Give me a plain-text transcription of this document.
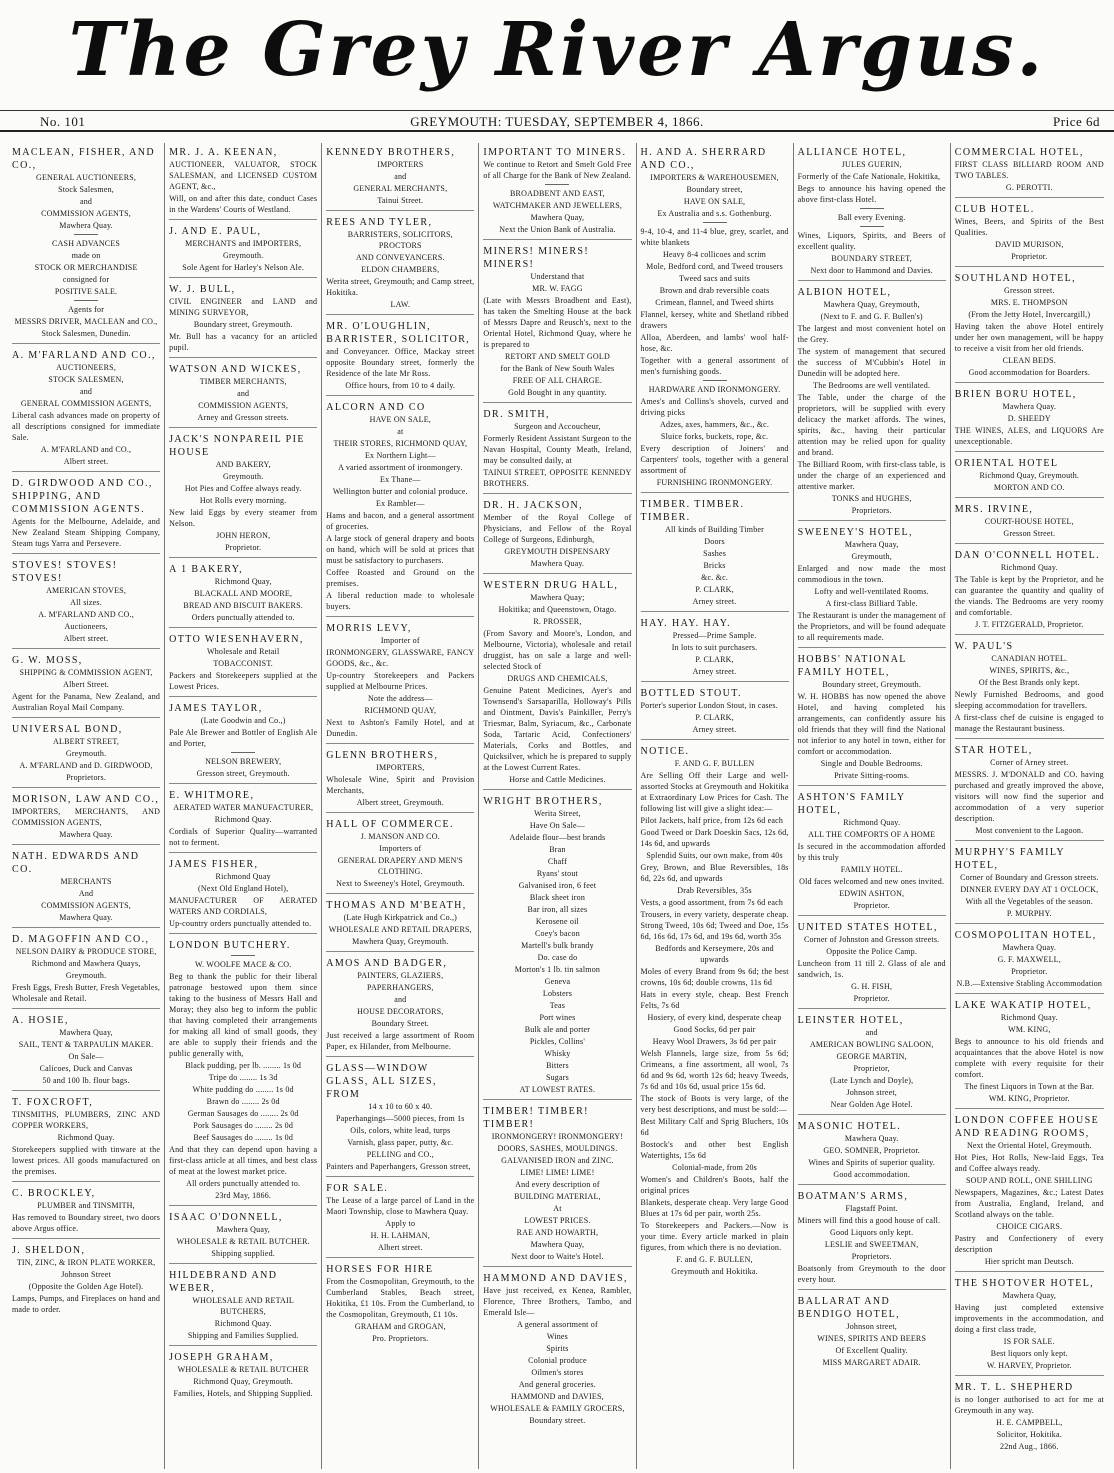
The Grey River Argus.
No. 101	GREYMOUTH: TUESDAY, SEPTEMBER 4, 1866.	Price 6d
MACLEAN, FISHER, AND CO.,
GENERAL AUCTIONEERS,
Stock Salesmen,
and
COMMISSION AGENTS,
Mawhera Quay.
CASH ADVANCES
made on
STOCK OR MERCHANDISE
consigned for
POSITIVE SALE.
Agents for
MESSRS DRIVER, MACLEAN and CO.,
Stock Salesmen, Dunedin.
A. M'FARLAND AND CO.,
AUCTIONEERS,
STOCK SALESMEN,
and
GENERAL COMMISSION AGENTS,
Liberal cash advances made on property of all descriptions consigned for immediate Sale.
A. M'FARLAND and CO.,
Albert street.
D. GIRDWOOD AND CO., SHIPPING, AND COMMISSION AGENTS.
Agents for the Melbourne, Adelaide, and New Zealand Steam Shipping Company, Steam tugs Yarra and Persevere.
STOVES! STOVES! STOVES!
AMERICAN STOVES,
All sizes.
A. M'FARLAND AND CO.,
Auctioneers,
Albert street.
G. W. MOSS,
SHIPPING & COMMISSION AGENT,
Albert Street.
Agent for the Panama, New Zealand, and Australian Royal Mail Company.
UNIVERSAL BOND,
ALBERT STREET,
Greymouth.
A. M'FARLAND and D. GIRDWOOD,
Proprietors.
MORISON, LAW AND CO.,
IMPORTERS, MERCHANTS, AND COMMISSION AGENTS,
Mawhera Quay.
NATH. EDWARDS AND CO.
MERCHANTS
And
COMMISSION AGENTS,
Mawhera Quay.
D. MAGOFFIN AND CO.,
NELSON DAIRY & PRODUCE STORE,
Richmond and Mawhera Quays,
Greymouth.
Fresh Eggs, Fresh Butter, Fresh Vegetables, Wholesale and Retail.
A. HOSIE,
Mawhera Quay,
SAIL, TENT & TARPAULIN MAKER.
On Sale—
Calicoes, Duck and Canvas
50 and 100 lb. flour bags.
T. FOXCROFT,
TINSMITHS, PLUMBERS, ZINC AND COPPER WORKERS,
Richmond Quay.
Storekeepers supplied with tinware at the lowest prices. All goods manufactured on the premises.
C. BROCKLEY,
PLUMBER and TINSMITH,
Has removed to Boundary street, two doors above Argus office.
J. SHELDON,
TIN, ZINC, & IRON PLATE WORKER,
Johnson Street
(Opposite the Golden Age Hotel).
Lamps, Pumps, and Fireplaces on hand and made to order.
MR. J. A. KEENAN,
AUCTIONEER, VALUATOR, STOCK SALESMAN, and LICENSED CUSTOM AGENT, &c.,
Will, on and after this date, conduct Cases in the Wardens' Courts of Westland.
J. AND E. PAUL,
MERCHANTS and IMPORTERS,
Greymouth.
Sole Agent for Harley's Nelson Ale.
W. J. BULL,
CIVIL ENGINEER and LAND and MINING SURVEYOR,
Boundary street, Greymouth.
Mr. Bull has a vacancy for an articled pupil.
WATSON AND WICKES,
TIMBER MERCHANTS,
and
COMMISSION AGENTS,
Arney and Gresson streets.
JACK'S NONPAREIL PIE HOUSE
AND BAKERY,
Greymouth.
Hot Pies and Coffee always ready.
Hot Rolls every morning.
New laid Eggs by every steamer from Nelson.
JOHN HERON,
Proprietor.
A 1 BAKERY,
Richmond Quay,
BLACKALL AND MOORE,
BREAD AND BISCUIT BAKERS.
Orders punctually attended to.
OTTO WIESENHAVERN,
Wholesale and Retail
TOBACCONIST.
Packers and Storekeepers supplied at the Lowest Prices.
JAMES TAYLOR,
(Late Goodwin and Co.,)
Pale Ale Brewer and Bottler of English Ale and Porter,
NELSON BREWERY,
Gresson street, Greymouth.
E. WHITMORE,
AERATED WATER MANUFACTURER,
Richmond Quay.
Cordials of Superior Quality—warranted not to ferment.
JAMES FISHER,
Richmond Quay
(Next Old England Hotel),
MANUFACTURER OF AERATED WATERS AND CORDIALS,
Up-country orders punctually attended to.
LONDON BUTCHERY.
W. WOOLFE MACE & CO.
Beg to thank the public for their liberal patronage bestowed upon them since taking to the business of Messrs Hall and Moray; they also beg to inform the public that having completed their arrangements for making all kind of small goods, they are able to supply their friends and the public generally with,
Black pudding, per lb. ........ 1s 0d
Tripe do ........ 1s 3d
White pudding do ........ 1s 0d
Brawn do ........ 2s 0d
German Sausages do ........ 2s 0d
Pork Sausages do ........ 2s 0d
Beef Sausages do ........ 1s 0d
And that they can depend upon having a first-class article at all times, and best class of meat at the lowest market price.
All orders punctually attended to.
23rd May, 1866.
ISAAC O'DONNELL,
Mawhera Quay,
WHOLESALE & RETAIL BUTCHER.
Shipping supplied.
HILDEBRAND AND WEBER,
WHOLESALE AND RETAIL BUTCHERS,
Richmond Quay.
Shipping and Families Supplied.
JOSEPH GRAHAM,
WHOLESALE & RETAIL BUTCHER
Richmond Quay, Greymouth.
Families, Hotels, and Shipping Supplied.
KENNEDY BROTHERS,
IMPORTERS
and
GENERAL MERCHANTS,
Tainui Street.
REES AND TYLER,
BARRISTERS, SOLICITORS, PROCTORS
AND CONVEYANCERS.
ELDON CHAMBERS,
Werita street, Greymouth; and Camp street, Hokitika.
LAW.
MR. O'LOUGHLIN, BARRISTER, SOLICITOR,
and Conveyancer. Office, Mackay street opposite Boundary street, formerly the Residence of the late Mr Ross.
Office hours, from 10 to 4 daily.
ALCORN AND CO
HAVE ON SALE,
at
THEIR STORES, RICHMOND QUAY,
Ex Northern Light—
A varied assortment of ironmongery.
Ex Thane—
Wellington butter and colonial produce.
Ex Rambler—
Hams and bacon, and a general assortment of groceries.
A large stock of general drapery and boots on hand, which will be sold at prices that must be satisfactory to purchasers.
Coffee Roasted and Ground on the premises.
A liberal reduction made to wholesale buyers.
MORRIS LEVY,
Importer of
IRONMONGERY, GLASSWARE, FANCY GOODS, &c., &c.
Up-country Storekeepers and Packers supplied at Melbourne Prices.
Note the address—
RICHMOND QUAY,
Next to Ashton's Family Hotel, and at Dunedin.
GLENN BROTHERS,
IMPORTERS,
Wholesale Wine, Spirit and Provision Merchants,
Albert street, Greymouth.
HALL OF COMMERCE.
J. MANSON AND CO.
Importers of
GENERAL DRAPERY AND MEN'S CLOTHING.
Next to Sweeney's Hotel, Greymouth.
THOMAS AND M'BEATH,
(Late Hugh Kirkpatrick and Co.,)
WHOLESALE AND RETAIL DRAPERS,
Mawhera Quay, Greymouth.
AMOS AND BADGER,
PAINTERS, GLAZIERS,
PAPERHANGERS,
and
HOUSE DECORATORS,
Boundary Street.
Just received a large assortment of Room Paper, ex Hilander, from Melbourne.
GLASS—WINDOW GLASS, ALL SIZES, FROM
14 x 10 to 60 x 40.
Paperhangings—5000 pieces, from 1s
Oils, colors, white lead, turps
Varnish, glass paper, putty, &c.
PELLING and CO.,
Painters and Paperhangers, Gresson street,
FOR SALE.
The Lease of a large parcel of Land in the Maori Township, close to Mawhera Quay.
Apply to
H. H. LAHMAN,
Albert street.
HORSES FOR HIRE
From the Cosmopolitan, Greymouth, to the Cumberland Stables, Beach street, Hokitika, £1 10s. From the Cumberland, to the Cosmopolitan, Greymouth, £1 10s.
GRAHAM and GROGAN,
Pro. Proprietors.
IMPORTANT TO MINERS.
We continue to Retort and Smelt Gold Free of all Charge for the Bank of New Zealand.
BROADBENT AND EAST,
WATCHMAKER AND JEWELLERS,
Mawhera Quay,
Next the Union Bank of Australia.
MINERS! MINERS! MINERS!
Understand that
MR. W. FAGG
(Late with Messrs Broadbent and East), has taken the Smelting House at the back of Messrs Dapre and Reusch's, next to the Oriental Hotel, Richmond Quay, where he is prepared to
RETORT AND SMELT GOLD
for the Bank of New South Wales
FREE OF ALL CHARGE.
Gold Bought in any quantity.
DR. SMITH,
Surgeon and Accoucheur,
Formerly Resident Assistant Surgeon to the Navan Hospital, County Meath, Ireland, may be consulted daily, at
TAINUI STREET, OPPOSITE KENNEDY BROTHERS.
DR. H. JACKSON,
Member of the Royal College of Physicians, and Fellow of the Royal College of Surgeons, Edinburgh,
GREYMOUTH DISPENSARY
Mawhera Quay.
WESTERN DRUG HALL,
Mawhera Quay;
Hokitika; and Queenstown, Otago.
R. PROSSER,
(From Savory and Moore's, London, and Melbourne, Victoria), wholesale and retail druggist, has on sale a large and well-selected Stock of
DRUGS AND CHEMICALS,
Genuine Patent Medicines, Ayer's and Townsend's Sarsaparilla, Holloway's Pills and Ointment, Davis's Painkiller, Perry's Triesmar, Balm, Syriacum, &c., Carbonate Soda, Tartaric Acid, Confectioners' Materials, Corks and Bottles, and Quicksilver, which he is prepared to supply at the Lowest Current Rates.
Horse and Cattle Medicines.
WRIGHT BROTHERS,
Werita Street,
Have On Sale—
Adelaide flour—best brands
Bran
Chaff
Ryans' stout
Galvanised iron, 6 feet
Black sheet iron
Bar iron, all sizes
Kerosene oil
Coey's bacon
Martell's bulk brandy
Do. case do
Morton's 1 lb. tin salmon
Geneva
Lobsters
Teas
Port wines
Bulk ale and porter
Pickles, Collins'
Whisky
Bitters
Sugars
AT LOWEST RATES.
TIMBER! TIMBER! TIMBER!
IRONMONGERY! IRONMONGERY!
DOORS, SASHES, MOULDINGS.
GALVANISED IRON and ZINC.
LIME! LIME! LIME!
And every description of
BUILDING MATERIAL,
At
LOWEST PRICES.
RAE AND HOWARTH,
Mawhera Quay,
Next door to Waite's Hotel.
HAMMOND AND DAVIES,
Have just received, ex Kenea, Rambler, Florence, Three Brothers, Tambo, and Emerald Isle—
A general assortment of
Wines
Spirits
Colonial produce
Oilmen's stores
And general groceries.
HAMMOND and DAVIES,
WHOLESALE & FAMILY GROCERS,
Boundary street.
H. AND A. SHERRARD AND CO.,
IMPORTERS & WAREHOUSEMEN,
Boundary street,
HAVE ON SALE,
Ex Australia and s.s. Gothenburg.
9-4, 10-4, and 11-4 blue, grey, scarlet, and white blankets
Heavy 8-4 collicoes and scrim
Mole, Bedford cord, and Tweed trousers
Tweed sacs and suits
Brown and drab reversible coats
Crimean, flannel, and Tweed shirts
Flannel, kersey, white and Shetland ribbed drawers
Alloa, Aberdeen, and lambs' wool half-hose, &c.
Together with a general assortment of men's furnishing goods.
HARDWARE AND IRONMONGERY.
Ames's and Collins's shovels, curved and driving picks
Adzes, axes, hammers, &c., &c.
Sluice forks, buckets, rope, &c.
Every description of Joiners' and Carpenters' tools, together with a general assortment of
FURNISHING IRONMONGERY.
TIMBER. TIMBER. TIMBER.
All kinds of Building Timber
Doors
Sashes
Bricks
&c. &c.
P. CLARK,
Arney street.
HAY. HAY. HAY.
Pressed—Prime Sample.
In lots to suit purchasers.
P. CLARK,
Arney street.
BOTTLED STOUT.
Porter's superior London Stout, in cases.
P. CLARK,
Arney street.
NOTICE.
F. AND G. F. BULLEN
Are Selling Off their Large and well-assorted Stocks at Greymouth and Hokitika at Extraordinary Low Prices for Cash. The following list will give a slight idea:—
Pilot Jackets, half price, from 12s 6d each
Good Tweed or Dark Doeskin Sacs, 12s 6d, 14s 6d, and upwards
Splendid Suits, our own make, from 40s
Grey, Brown, and Blue Reversibles, 18s 6d, 22s 6d, and upwards
Drab Reversibles, 35s
Vests, a good assortment, from 7s 6d each
Trousers, in every variety, desperate cheap. Strong Tweed, 10s 6d; Tweed and Doe, 15s 6d, 16s 6d, 17s 6d, and 19s 6d, worth 35s
Bedfords and Kerseymere, 20s and upwards
Moles of every Brand from 9s 6d; the best crowns, 10s 6d; double crowns, 11s 6d
Hats in every style, cheap. Best French Felts, 7s 6d
Hosiery, of every kind, desperate cheap
Good Socks, 6d per pair
Heavy Wool Drawers, 3s 6d per pair
Welsh Flannels, large size, from 5s 6d; Crimeans, a fine assortment, all wool, 7s 6d and 9s 6d, worth 12s 6d; heavy Tweeds, 7s 6d and 10s 6d, usual price 15s 6d.
The stock of Boots is very large, of the very best descriptions, and must be sold:—
Best Military Calf and Sprig Bluchers, 10s 6d
Bostock's and other best English Watertights, 15s 6d
Colonial-made, from 20s
Women's and Children's Boots, half the original prices
Blankets, desperate cheap. Very large Good Blues at 17s 6d per pair, worth 25s.
To Storekeepers and Packers.—Now is your time. Every article marked in plain figures, from which there is no deviation.
F. and G. F. BULLEN,
Greymouth and Hokitika.
ALLIANCE HOTEL,
JULES GUERIN,
Formerly of the Cafe Nationale, Hokitika,
Begs to announce his having opened the above first-class Hotel.
Ball every Evening.
Wines, Liquors, Spirits, and Beers of excellent quality.
BOUNDARY STREET,
Next door to Hammond and Davies.
ALBION HOTEL,
Mawhera Quay, Greymouth,
(Next to F. and G. F. Bullen's)
The largest and most convenient hotel on the Grey.
The system of management that secured the success of M'Cubbin's Hotel in Dunedin will be adopted here.
The Bedrooms are well ventilated.
The Table, under the charge of the proprietors, will be supplied with every delicacy the market affords. The wines, spirits, &c., having their particular attention may be relied upon for quality and brand.
The Billiard Room, with first-class table, is under the charge of an experienced and attentive marker.
TONKS and HUGHES,
Proprietors.
SWEENEY'S HOTEL,
Mawhera Quay,
Greymouth,
Enlarged and now made the most commodious in the town.
Lofty and well-ventilated Rooms.
A first-class Billiard Table.
The Restaurant is under the management of the Proprietors, and will be found adequate to all requirements made.
HOBBS' NATIONAL FAMILY HOTEL,
Boundary street, Greymouth.
W. H. HOBBS has now opened the above Hotel, and having completed his arrangements, can confidently assure his old friends that they will find the National not inferior to any hotel in town, either for comfort or accommodation.
Single and Double Bedrooms.
Private Sitting-rooms.
ASHTON'S FAMILY HOTEL,
Richmond Quay.
ALL THE COMFORTS OF A HOME
Is secured in the accommodation afforded by this truly
FAMILY HOTEL.
Old faces welcomed and new ones invited.
EDWIN ASHTON,
Proprietor.
UNITED STATES HOTEL,
Corner of Johnston and Gresson streets.
Opposite the Police Camp.
Luncheon from 11 till 2. Glass of ale and sandwich, 1s.
G. H. FISH,
Proprietor.
LEINSTER HOTEL,
and
AMERICAN BOWLING SALOON,
GEORGE MARTIN,
Proprietor,
(Late Lynch and Doyle),
Johnson street,
Near Golden Age Hotel.
MASONIC HOTEL.
Mawhera Quay.
GEO. SOMNER, Proprietor.
Wines and Spirits of superior quality.
Good accommodation.
BOATMAN'S ARMS,
Flagstaff Point.
Miners will find this a good house of call.
Good Liquors only kept.
LESLIE and SWEETMAN,
Proprietors.
Boatsonly from Greymouth to the door every hour.
BALLARAT AND BENDIGO HOTEL,
Johnson street,
WINES, SPIRITS AND BEERS
Of Excellent Quality.
MISS MARGARET ADAIR.
COMMERCIAL HOTEL,
FIRST CLASS BILLIARD ROOM AND TWO TABLES.
G. PEROTTI.
CLUB HOTEL.
Wines, Beers, and Spirits of the Best Qualities.
DAVID MURISON,
Proprietor.
SOUTHLAND HOTEL,
Gresson street.
MRS. E. THOMPSON
(From the Jetty Hotel, Invercargill,)
Having taken the above Hotel entirely under her own management, will be happy to receive a visit from her old friends.
CLEAN BEDS.
Good accommodation for Boarders.
BRIEN BORU HOTEL,
Mawhera Quay.
D. SHEEDY
THE WINES, ALES, and LIQUORS Are unexceptionable.
ORIENTAL HOTEL
Richmond Quay, Greymouth.
MORTON AND CO.
MRS. IRVINE,
COURT-HOUSE HOTEL,
Gresson Street.
DAN O'CONNELL HOTEL.
Richmond Quay.
The Table is kept by the Proprietor, and he can guarantee the quantity and quality of the viands. The Bedrooms are very roomy and comfortable.
J. T. FITZGERALD, Proprietor.
W. PAUL'S
CANADIAN HOTEL.
WINES, SPIRITS, &c.,
Of the Best Brands only kept.
Newly Furnished Bedrooms, and good sleeping accommodation for travellers.
A first-class chef de cuisine is engaged to manage the Restaurant business.
STAR HOTEL,
Corner of Arney street.
MESSRS. J. M'DONALD and CO. having purchased and greatly improved the above, visitors will now find the superior and accommodation of a very superior description.
Most convenient to the Lagoon.
MURPHY'S FAMILY HOTEL,
Corner of Boundary and Gresson streets.
DINNER EVERY DAY AT 1 O'CLOCK,
With all the Vegetables of the season.
P. MURPHY.
COSMOPOLITAN HOTEL,
Mawhera Quay.
G. F. MAXWELL,
Proprietor.
N.B.—Extensive Stabling Accommodation
LAKE WAKATIP HOTEL,
Richmond Quay.
WM. KING,
Begs to announce to his old friends and acquaintances that the above Hotel is now complete with every requisite for their comfort.
The finest Liquors in Town at the Bar.
WM. KING, Proprietor.
LONDON COFFEE HOUSE AND READING ROOMS,
Next the Oriental Hotel, Greymouth.
Hot Pies, Hot Rolls, New-laid Eggs, Tea and Coffee always ready.
SOUP AND ROLL, ONE SHILLING
Newspapers, Magazines, &c.; Latest Dates from Australia, England, Ireland, and Scotland always on the table.
CHOICE CIGARS.
Pastry and Confectionery of every description
Hier spricht man Deutsch.
THE SHOTOVER HOTEL,
Mawhera Quay,
Having just completed extensive improvements in the accommodation, and doing a first class trade,
IS FOR SALE.
Best liquors only kept.
W. HARVEY, Proprietor.
MR. T. L. SHEPHERD
is no longer authorised to act for me at Greymouth in any way.
H. E. CAMPBELL,
Solicitor, Hokitika.
22nd Aug., 1866.
